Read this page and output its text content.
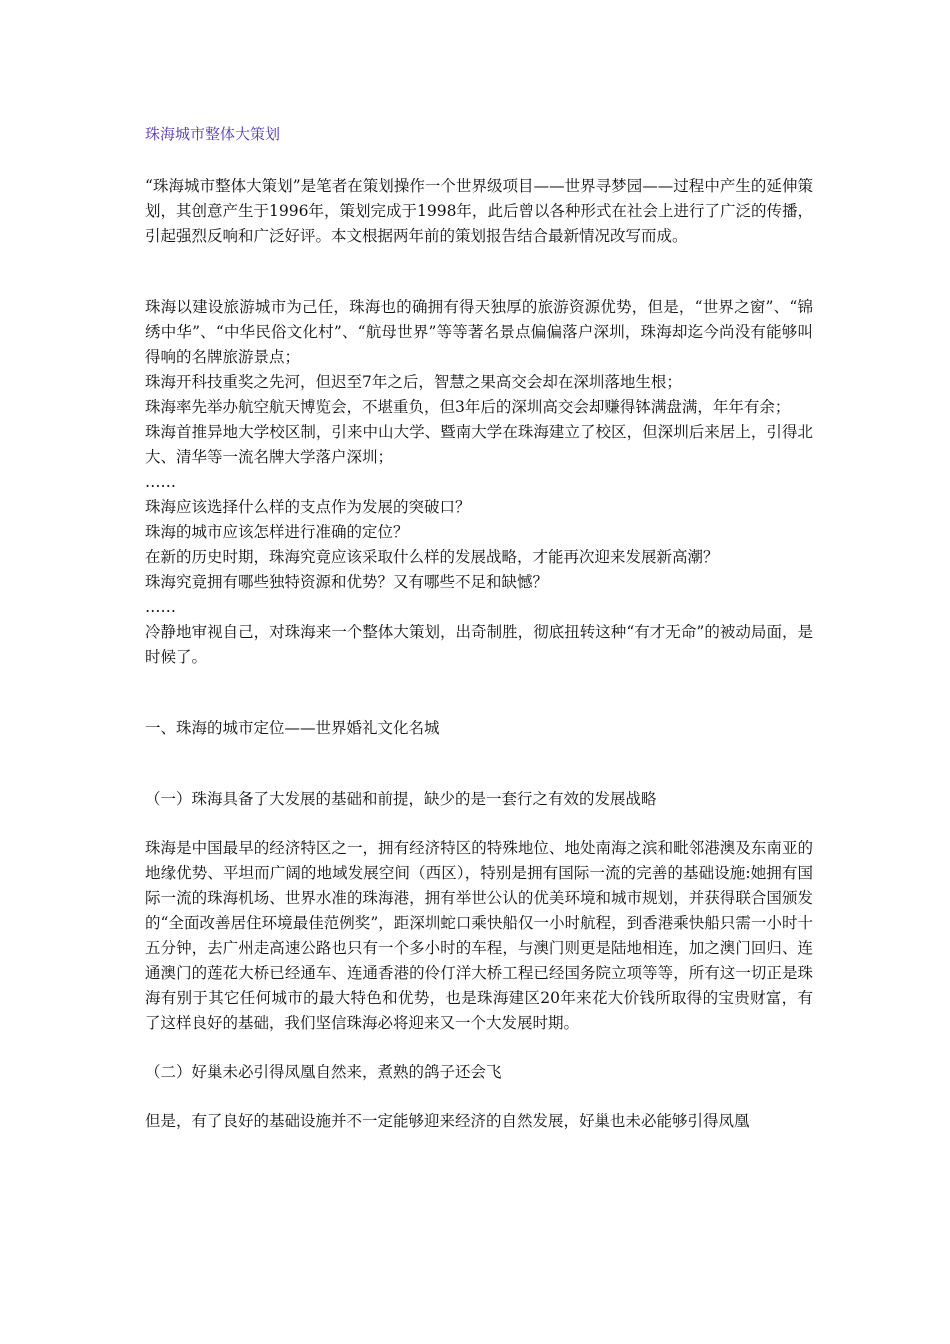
珠海城市整体大策划

“珠海城市整体大策划”是笔者在策划操作一个世界级项目——世界寻梦园——过程中产生的延伸策划，其创意产生于1996年，策划完成于1998年，此后曾以各种形式在社会上进行了广泛的传播，引起强烈反响和广泛好评。本文根据两年前的策划报告结合最新情况改写而成。

珠海以建设旅游城市为己任，珠海也的确拥有得天独厚的旅游资源优势，但是，“世界之窗”、“锦绣中华”、“中华民俗文化村”、“航母世界”等等著名景点偏偏落户深圳，珠海却迄今尚没有能够叫得响的名牌旅游景点；

珠海开科技重奖之先河，但迟至7年之后，智慧之果高交会却在深圳落地生根；

珠海率先举办航空航天博览会，不堪重负，但3年后的深圳高交会却赚得钵满盘满，年年有余；

珠海首推异地大学校区制，引来中山大学、暨南大学在珠海建立了校区，但深圳后来居上，引得北大、清华等一流名牌大学落户深圳；

……

珠海应该选择什么样的支点作为发展的突破口？

珠海的城市应该怎样进行准确的定位？

在新的历史时期，珠海究竟应该采取什么样的发展战略，才能再次迎来发展新高潮？

珠海究竟拥有哪些独特资源和优势？又有哪些不足和缺憾？

……

冷静地审视自己，对珠海来一个整体大策划，出奇制胜，彻底扭转这种“有才无命”的被动局面，是时候了。

一、珠海的城市定位——世界婚礼文化名城

（一）珠海具备了大发展的基础和前提，缺少的是一套行之有效的发展战略

珠海是中国最早的经济特区之一，拥有经济特区的特殊地位、地处南海之滨和毗邻港澳及东南亚的地缘优势、平坦而广阔的地域发展空间（西区），特别是拥有国际一流的完善的基础设施:她拥有国际一流的珠海机场、世界水准的珠海港，拥有举世公认的优美环境和城市规划，并获得联合国颁发的“全面改善居住环境最佳范例奖”，距深圳蛇口乘快船仅一小时航程，到香港乘快船只需一小时十五分钟，去广州走高速公路也只有一个多小时的车程，与澳门则更是陆地相连，加之澳门回归、连通澳门的莲花大桥已经通车、连通香港的伶仃洋大桥工程已经国务院立项等等，所有这一切正是珠海有别于其它任何城市的最大特色和优势，也是珠海建区20年来花大价钱所取得的宝贵财富，有了这样良好的基础，我们坚信珠海必将迎来又一个大发展时期。

（二）好巢未必引得凤凰自然来，煮熟的鸽子还会飞

但是，有了良好的基础设施并不一定能够迎来经济的自然发展，好巢也未必能够引得凤凰
